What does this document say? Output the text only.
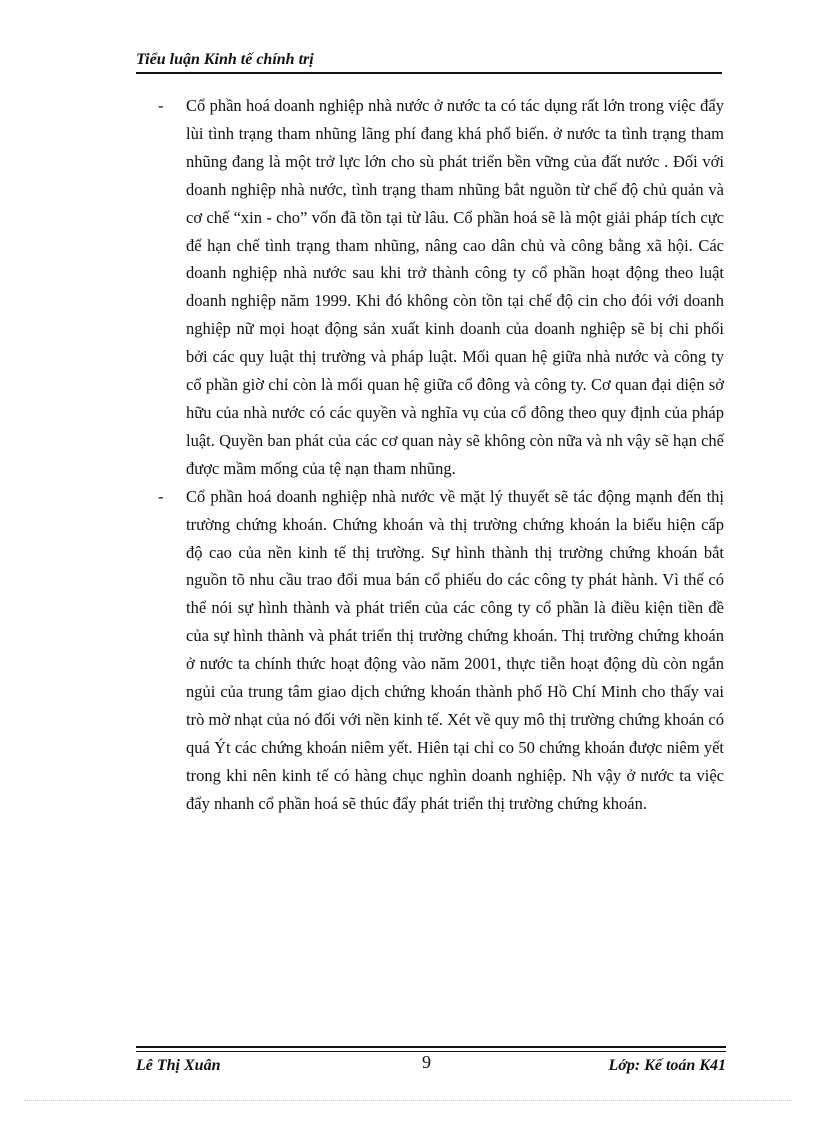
Tiểu luận Kinh tế chính trị
- Cổ phần hoá doanh nghiệp nhà nước ở nước ta có tác dụng rất lớn trong việc đẩy lùi tình trạng tham nhũng lãng phí đang khá phổ biến. ở nước ta tình trạng tham nhũng đang là một trở lực lớn cho sù phát triển bền vững của đất nước . Đối với doanh nghiệp nhà nước, tình trạng tham nhũng bắt nguồn từ chế độ chủ quản và cơ chế “xin - cho” vốn đã tồn tại từ lâu. Cổ phần hoá sẽ là một giải pháp tích cực để hạn chế tình trạng tham nhũng, nâng cao dân chủ và công bằng xã hội. Các doanh nghiệp nhà nước sau khi trở thành công ty cổ phần hoạt động theo luật doanh nghiệp năm 1999. Khi đó không còn tồn tại chế độ cin cho đói với doanh nghiệp nữ mọi hoạt động sản xuất kinh doanh của doanh nghiệp sẽ bị chi phối bởi các quy luật thị trường và pháp luật. Mối quan hệ giữa nhà nước và công ty cổ phần giờ chỉ còn là mối quan hệ giữa cổ đông và công ty. Cơ quan đại diện sở hữu của nhà nước có các quyền và nghĩa vụ của cổ đông theo quy định của pháp luật. Quyền ban phát của các cơ quan này sẽ không còn nữa và nh vậy sẽ hạn chế được mầm mống của tệ nạn tham nhũng.

- Cổ phần hoá doanh nghiệp nhà nước về mặt lý thuyết sẽ tác động mạnh đến thị trường chứng khoán. Chứng khoán và thị trường chứng khoán la biểu hiện cấp độ cao của nền kinh tế thị trường. Sự hình thành thị trường chứng khoán bắt nguồn tõ nhu cầu trao đổi mua bán cổ phiếu do các công ty phát hành. Vì thế có thể nói sự hình thành và phát triển của các công ty cổ phần là điều kiện tiền đề của sự hình thành và phát triển thị trường chứng khoán. Thị trường chứng khoán ở nước ta chính thức hoạt động vào năm 2001, thực tiễn hoạt động dù còn ngắn ngủi của trung tâm giao dịch chứng khoán thành phố Hồ Chí Minh cho thấy vai trò mờ nhạt của nó đối với nền kinh tế. Xét về quy mô thị trường chứng khoán có quá Ýt các chứng khoán niêm yết. Hiên tại chỉ co 50 chứng khoán được niêm yết trong khi nên kinh tế có hàng chục nghìn doanh nghiệp. Nh vậy ở nước ta việc đẩy nhanh cổ phần hoá sẽ thúc đẩy phát triển thị trường chứng khoán.

Lê Thị Xuân	9	Lớp: Kế toán K41
